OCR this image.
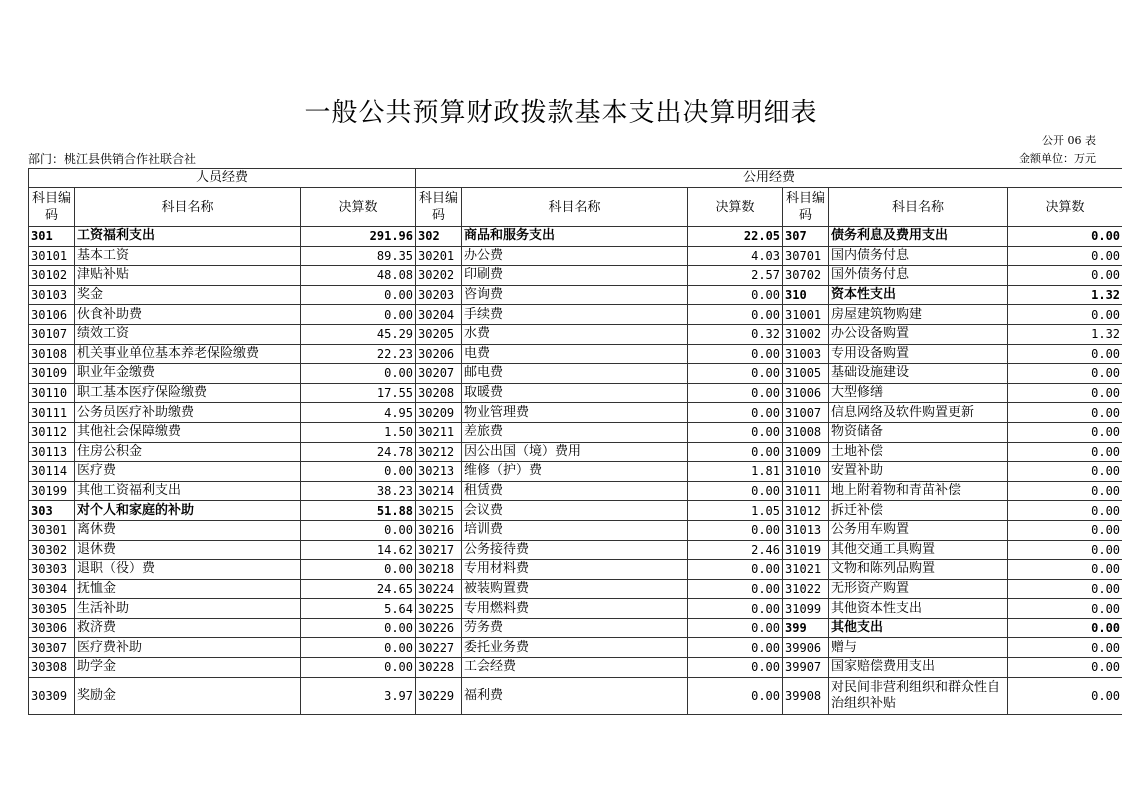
一般公共预算财政拨款基本支出决算明细表
公开 06 表
部门：桃江县供销合作社联合社	金额单位：万元
人员经费			公用经费					
科目编码	科目名称	决算数	科目编码	科目名称	决算数	科目编码	科目名称	决算数
301	工资福利支出	291.96	302	商品和服务支出	22.05	307	债务利息及费用支出	0.00
30101	基本工资	89.35	30201	办公费	4.03	30701	国内债务付息	0.00
30102	津贴补贴	48.08	30202	印刷费	2.57	30702	国外债务付息	0.00
30103	奖金	0.00	30203	咨询费	0.00	310	资本性支出	1.32
30106	伙食补助费	0.00	30204	手续费	0.00	31001	房屋建筑物购建	0.00
30107	绩效工资	45.29	30205	水费	0.32	31002	办公设备购置	1.32
30108	机关事业单位基本养老保险缴费	22.23	30206	电费	0.00	31003	专用设备购置	0.00
30109	职业年金缴费	0.00	30207	邮电费	0.00	31005	基础设施建设	0.00
30110	职工基本医疗保险缴费	17.55	30208	取暖费	0.00	31006	大型修缮	0.00
30111	公务员医疗补助缴费	4.95	30209	物业管理费	0.00	31007	信息网络及软件购置更新	0.00
30112	其他社会保障缴费	1.50	30211	差旅费	0.00	31008	物资储备	0.00
30113	住房公积金	24.78	30212	因公出国（境）费用	0.00	31009	土地补偿	0.00
30114	医疗费	0.00	30213	维修（护）费	1.81	31010	安置补助	0.00
30199	其他工资福利支出	38.23	30214	租赁费	0.00	31011	地上附着物和青苗补偿	0.00
303	对个人和家庭的补助	51.88	30215	会议费	1.05	31012	拆迁补偿	0.00
30301	离休费	0.00	30216	培训费	0.00	31013	公务用车购置	0.00
30302	退休费	14.62	30217	公务接待费	2.46	31019	其他交通工具购置	0.00
30303	退职（役）费	0.00	30218	专用材料费	0.00	31021	文物和陈列品购置	0.00
30304	抚恤金	24.65	30224	被装购置费	0.00	31022	无形资产购置	0.00
30305	生活补助	5.64	30225	专用燃料费	0.00	31099	其他资本性支出	0.00
30306	救济费	0.00	30226	劳务费	0.00	399	其他支出	0.00
30307	医疗费补助	0.00	30227	委托业务费	0.00	39906	赠与	0.00
30308	助学金	0.00	30228	工会经费	0.00	39907	国家赔偿费用支出	0.00
30309	奖励金	3.97	30229	福利费	0.00	39908	对民间非营利组织和群众性自治组织补贴	0.00
